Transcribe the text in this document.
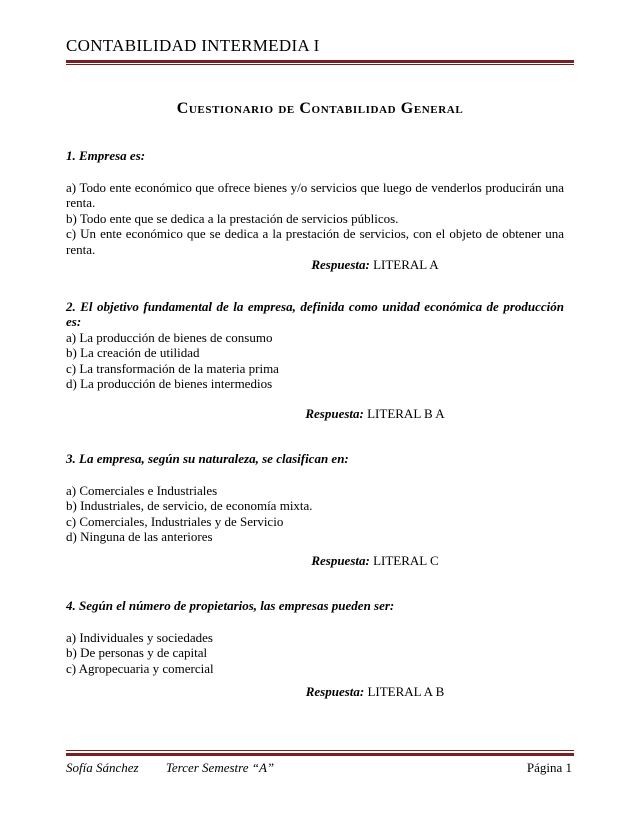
CONTABILIDAD INTERMEDIA I
Cuestionario de Contabilidad General

1. Empresa es:

a) Todo ente económico que ofrece bienes y/o servicios que luego de venderlos producirán una renta.

b) Todo ente que se dedica a la prestación de servicios públicos.

c) Un ente económico que se dedica a la prestación de servicios, con el objeto de obtener una renta.

Respuesta: LITERAL A

2. El objetivo fundamental de la empresa, definida como unidad económica de producción es:

a) La producción de bienes de consumo

b) La creación de utilidad

c) La transformación de la materia prima

d) La producción de bienes intermedios

Respuesta: LITERAL B A

3. La empresa, según su naturaleza, se clasifican en:

a) Comerciales e Industriales

b) Industriales, de servicio, de economía mixta.

c) Comerciales, Industriales y de Servicio

d) Ninguna de las anteriores

Respuesta: LITERAL C

4. Según el número de propietarios, las empresas pueden ser:

a) Individuales y sociedades

b) De personas y de capital

c) Agropecuaria y comercial

Respuesta: LITERAL A B

Sofía Sánchez Tercer Semestre “A”	Página 1
